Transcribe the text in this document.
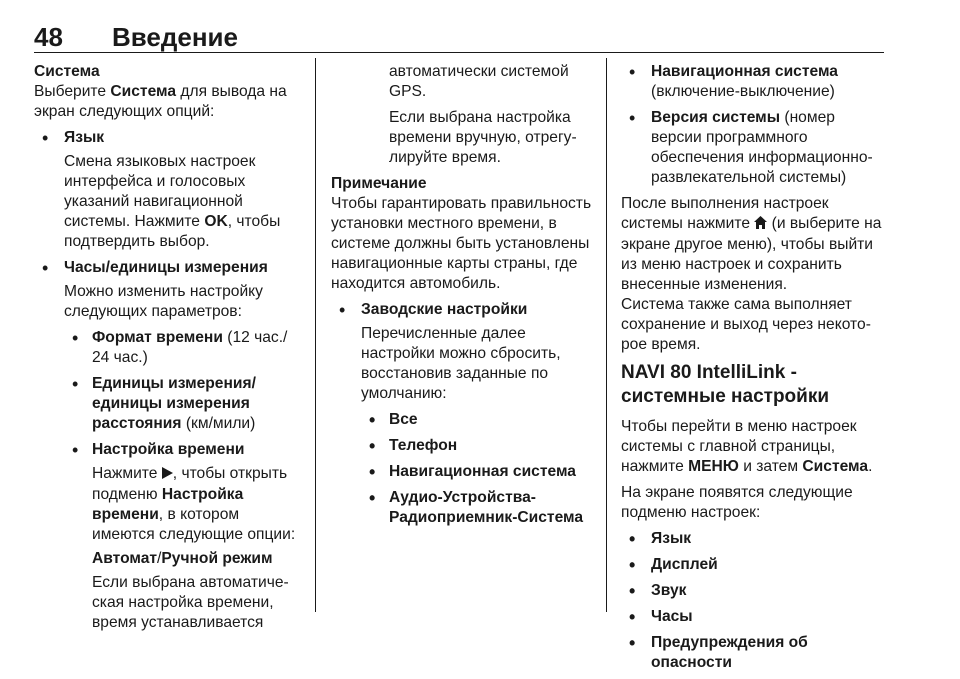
48 Введение

Система

Выберите Система для вывода на экран следующих опций:

• Язык
Смена языковых настроек интерфейса и голосовых указаний навигационной системы. Нажмите OK, чтобы подтвердить выбор.
• Часы/единицы измерения
Можно изменить настройку следующих параметров:
• Формат времени (12 час./ 24 час.)
• Единицы измерения/ единицы измерения расстояния (км/мили)
• Настройка времени
Нажмите , чтобы открыть подменю Настройка времени, в котором имеются следующие опции:
Автомат/Ручной режим
Если выбрана автоматическая настройка времени, время устанавливается

автоматически системой GPS.

Если выбрана настройка времени вручную, отрегулируйте время.

Примечание

Чтобы гарантировать правильность установки местного времени, в системе должны быть установлены навигационные карты страны, где находится автомобиль.

• Заводские настройки
Перечисленные далее настройки можно сбросить, восстановив заданные по умолчанию:
• Все
• Телефон
• Навигационная система
• Аудио-Устройства-Радиоприемник-Система
• Навигационная система (включение-выключение)
• Версия системы (номер версии программного обеспечения информационно-развлекательной системы)

После выполнения настроек системы нажмите  (и выберите на экране другое меню), чтобы выйти из меню настроек и сохранить внесенные изменения.

Система также сама выполняет сохранение и выход через некоторое время.

NAVI 80 IntelliLink - системные настройки

Чтобы перейти в меню настроек системы с главной страницы, нажмите МЕНЮ и затем Система.

На экране появятся следующие подменю настроек:

• Язык
• Дисплей
• Звук
• Часы
• Предупреждения об опасности
